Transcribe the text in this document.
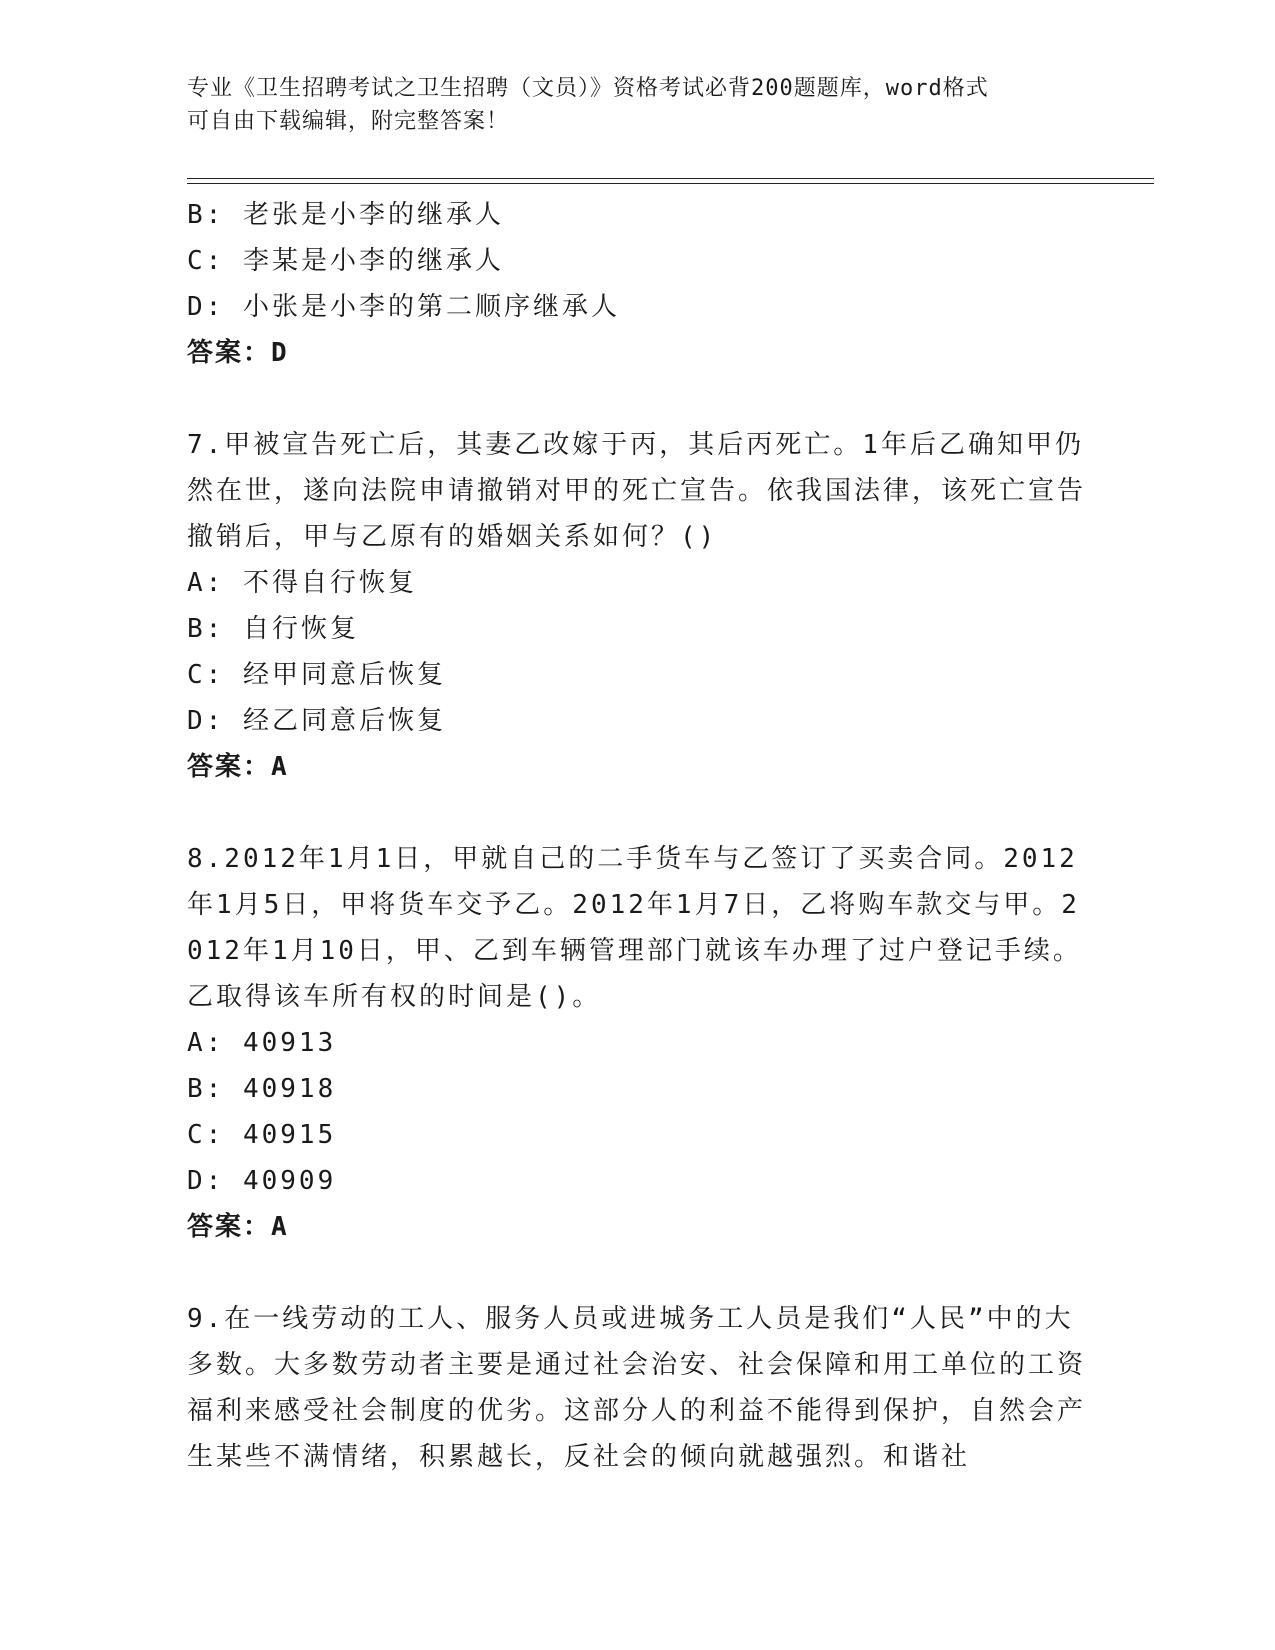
专业《卫生招聘考试之卫生招聘（文员）》资格考试必背200题题库，word格式
可自由下载编辑，附完整答案！
B: 老张是小李的继承人
C: 李某是小李的继承人
D: 小张是小李的第二顺序继承人
答案：D
7.甲被宣告死亡后，其妻乙改嫁于丙，其后丙死亡。1年后乙确知甲仍然在世，遂向法院申请撤销对甲的死亡宣告。依我国法律，该死亡宣告撤销后，甲与乙原有的婚姻关系如何？()
A: 不得自行恢复
B: 自行恢复
C: 经甲同意后恢复
D: 经乙同意后恢复
答案：A
8.2012年1月1日，甲就自己的二手货车与乙签订了买卖合同。2012年1月5日，甲将货车交予乙。2012年1月7日，乙将购车款交与甲。2012年1月10日，甲、乙到车辆管理部门就该车办理了过户登记手续。乙取得该车所有权的时间是()。
A: 40913
B: 40918
C: 40915
D: 40909
答案：A
9.在一线劳动的工人、服务人员或进城务工人员是我们“人民”中的大多数。大多数劳动者主要是通过社会治安、社会保障和用工单位的工资福利来感受社会制度的优劣。这部分人的利益不能得到保护，自然会产生某些不满情绪，积累越长，反社会的倾向就越强烈。和谐社
